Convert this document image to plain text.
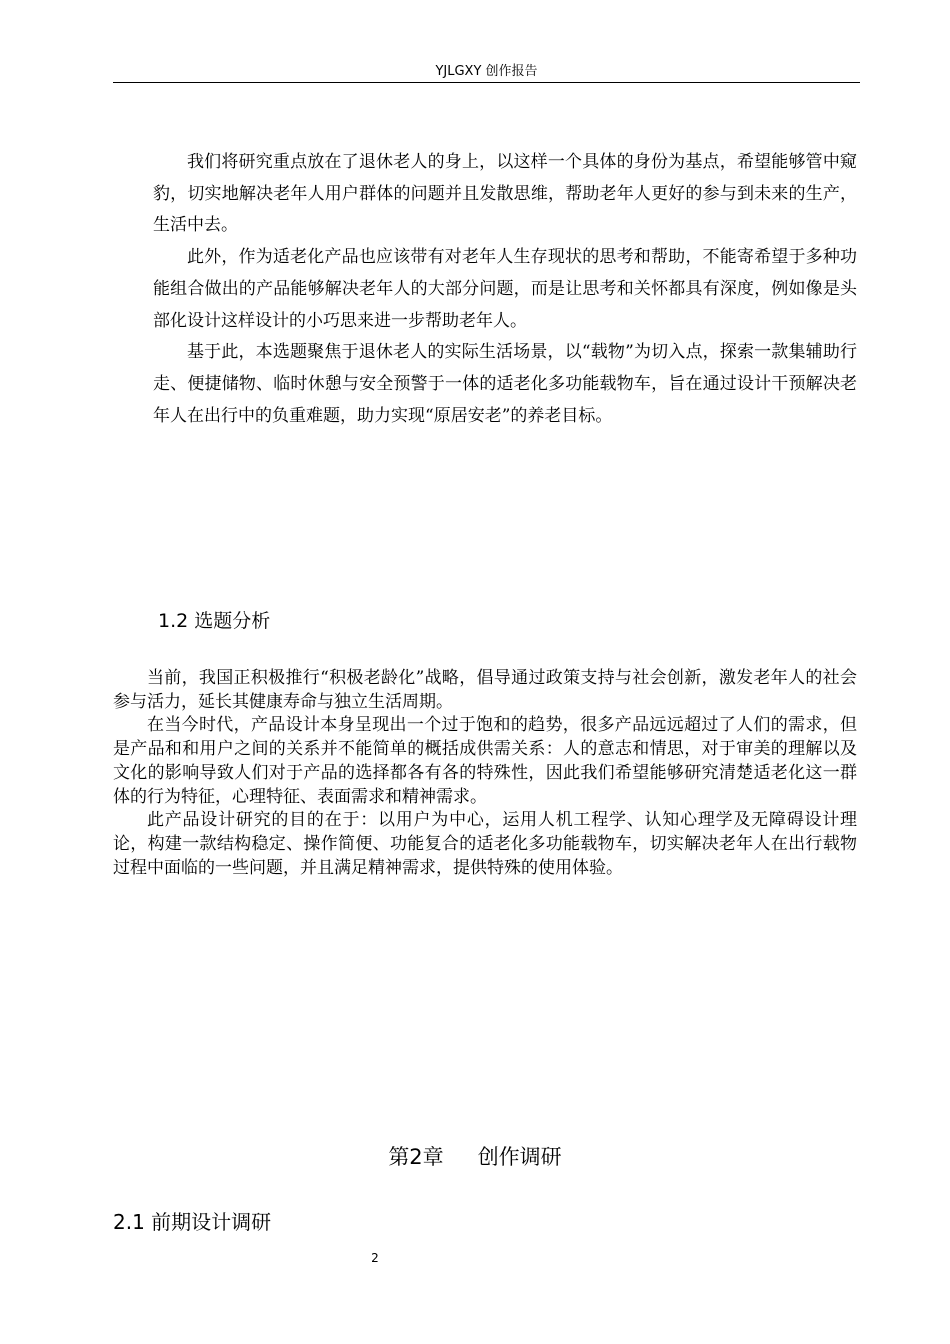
YJLGXY 创作报告

我们将研究重点放在了退休老人的身上，以这样一个具体的身份为基点，希望能够管中窥豹，切实地解决老年人用户群体的问题并且发散思维，帮助老年人更好的参与到未来的生产，生活中去。

此外，作为适老化产品也应该带有对老年人生存现状的思考和帮助，不能寄希望于多种功能组合做出的产品能够解决老年人的大部分问题，而是让思考和关怀都具有深度，例如像是头部化设计这样设计的小巧思来进一步帮助老年人。

基于此，本选题聚焦于退休老人的实际生活场景，以“载物”为切入点，探索一款集辅助行走、便捷储物、临时休憩与安全预警于一体的适老化多功能载物车，旨在通过设计干预解决老年人在出行中的负重难题，助力实现“原居安老”的养老目标。

1.2 选题分析

当前，我国正积极推行“积极老龄化”战略，倡导通过政策支持与社会创新，激发老年人的社会参与活力，延长其健康寿命与独立生活周期。

在当今时代，产品设计本身呈现出一个过于饱和的趋势，很多产品远远超过了人们的需求，但是产品和和用户之间的关系并不能简单的概括成供需关系：人的意志和情思，对于审美的理解以及文化的影响导致人们对于产品的选择都各有各的特殊性，因此我们希望能够研究清楚适老化这一群体的行为特征，心理特征、表面需求和精神需求。

此产品设计研究的目的在于：以用户为中心，运用人机工程学、认知心理学及无障碍设计理论，构建一款结构稳定、操作简便、功能复合的适老化多功能载物车，切实解决老年人在出行载物过程中面临的一些问题，并且满足精神需求，提供特殊的使用体验。

第2章 创作调研
2.1 前期设计调研
2
